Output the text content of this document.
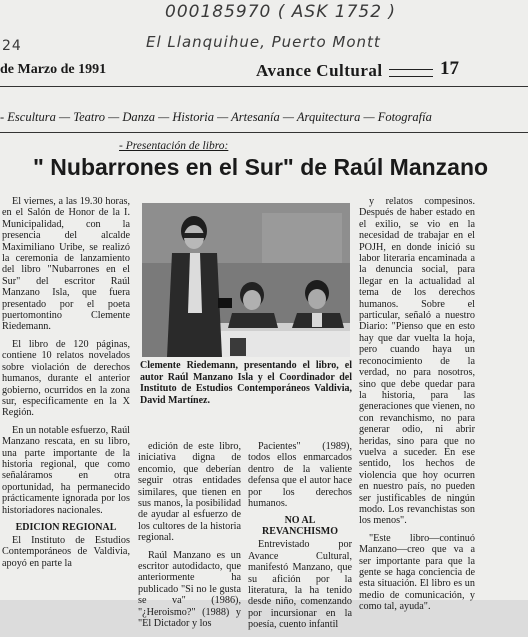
000185970 ( ASK 1752 )
24	El Llanquihue, Puerto Montt
de Marzo de 1991	Avance Cultural	17
- Escultura — Teatro — Danza — Historia — Artesanía — Arquitectura — Fotografía
- Presentación de libro:
" Nubarrones en el Sur" de Raúl Manzano

El viernes, a las 19.30 horas, en el Salón de Honor de la I. Municipalidad, con la presencia del alcalde Maximiliano Uribe, se realizó la ceremonia de lanzamiento del libro "Nubarrones en el Sur" del escritor Raúl Manzano Isla, que fuera presentado por el poeta puertomontino Clemente Riedemann.

El libro de 120 páginas, contiene 10 relatos novelados sobre violación de derechos humanos, durante el anterior gobierno, ocurridos en la zona sur, especificamente en la X Región.

En un notable esfuerzo, Raúl Manzano rescata, en su libro, una parte importante de la historia regional, que como señaláramos en otra oportunidad, ha permanecido prácticamente ignorada por los historiadores nacionales.

EDICION REGIONAL

El Instituto de Estudios Contemporáneos de Valdivia, apoyó en parte la

Clemente Riedemann, presentando el libro, el autor Raúl Manzano Isla y el Coordinador del Instituto de Estudios Contemporáneos Valdivia, David Martínez.

edición de este libro, iniciativa digna de encomio, que deberían seguir otras entidades similares, que tienen en sus manos, la posibilidad de ayudar al esfuerzo de los cultores de la historia regional.

Raúl Manzano es un escritor autodidacto, que anteriormente ha publicado "Si no le gusta se va" (1986), "¿Heroismo?" (1988) y "El Dictador y los

Pacientes" (1989), todos ellos enmarcados dentro de la valiente defensa que el autor hace por los derechos humanos.

NO AL REVANCHISMO

Entrevistado por Avance Cultural, manifestó Manzano, que su afición por la literatura, la ha tenido desde niño, comenzando por incursionar en la poesía, cuento infantil

y relatos compesinos. Después de haber estado en el exilio, se vio en la necesidad de trabajar en el POJH, en donde inició su labor literaria encaminada a la denuncia social, para llegar en la actualidad al tema de los derechos humanos. Sobre el particular, señaló a nuestro Diario: "Pienso que en esto hay que dar vuelta la hoja, pero cuando haya un reconocimiento de la verdad, no para nosotros, sino que debe quedar para la historia, para las generaciones que vienen, no con revanchismo, no para generar odio, ni abrir heridas, sino para que no vuelva a suceder. En ese sentido, los hechos de violencia que hoy ocurren en nuestro país, no pueden ser justificables de ningún modo. Los revanchistas son los menos".

"Este libro—continuó Manzano—creo que va a ser importante para que la gente se haga conciencia de esta situación. El libro es un medio de comunicación, y como tal, ayuda".
